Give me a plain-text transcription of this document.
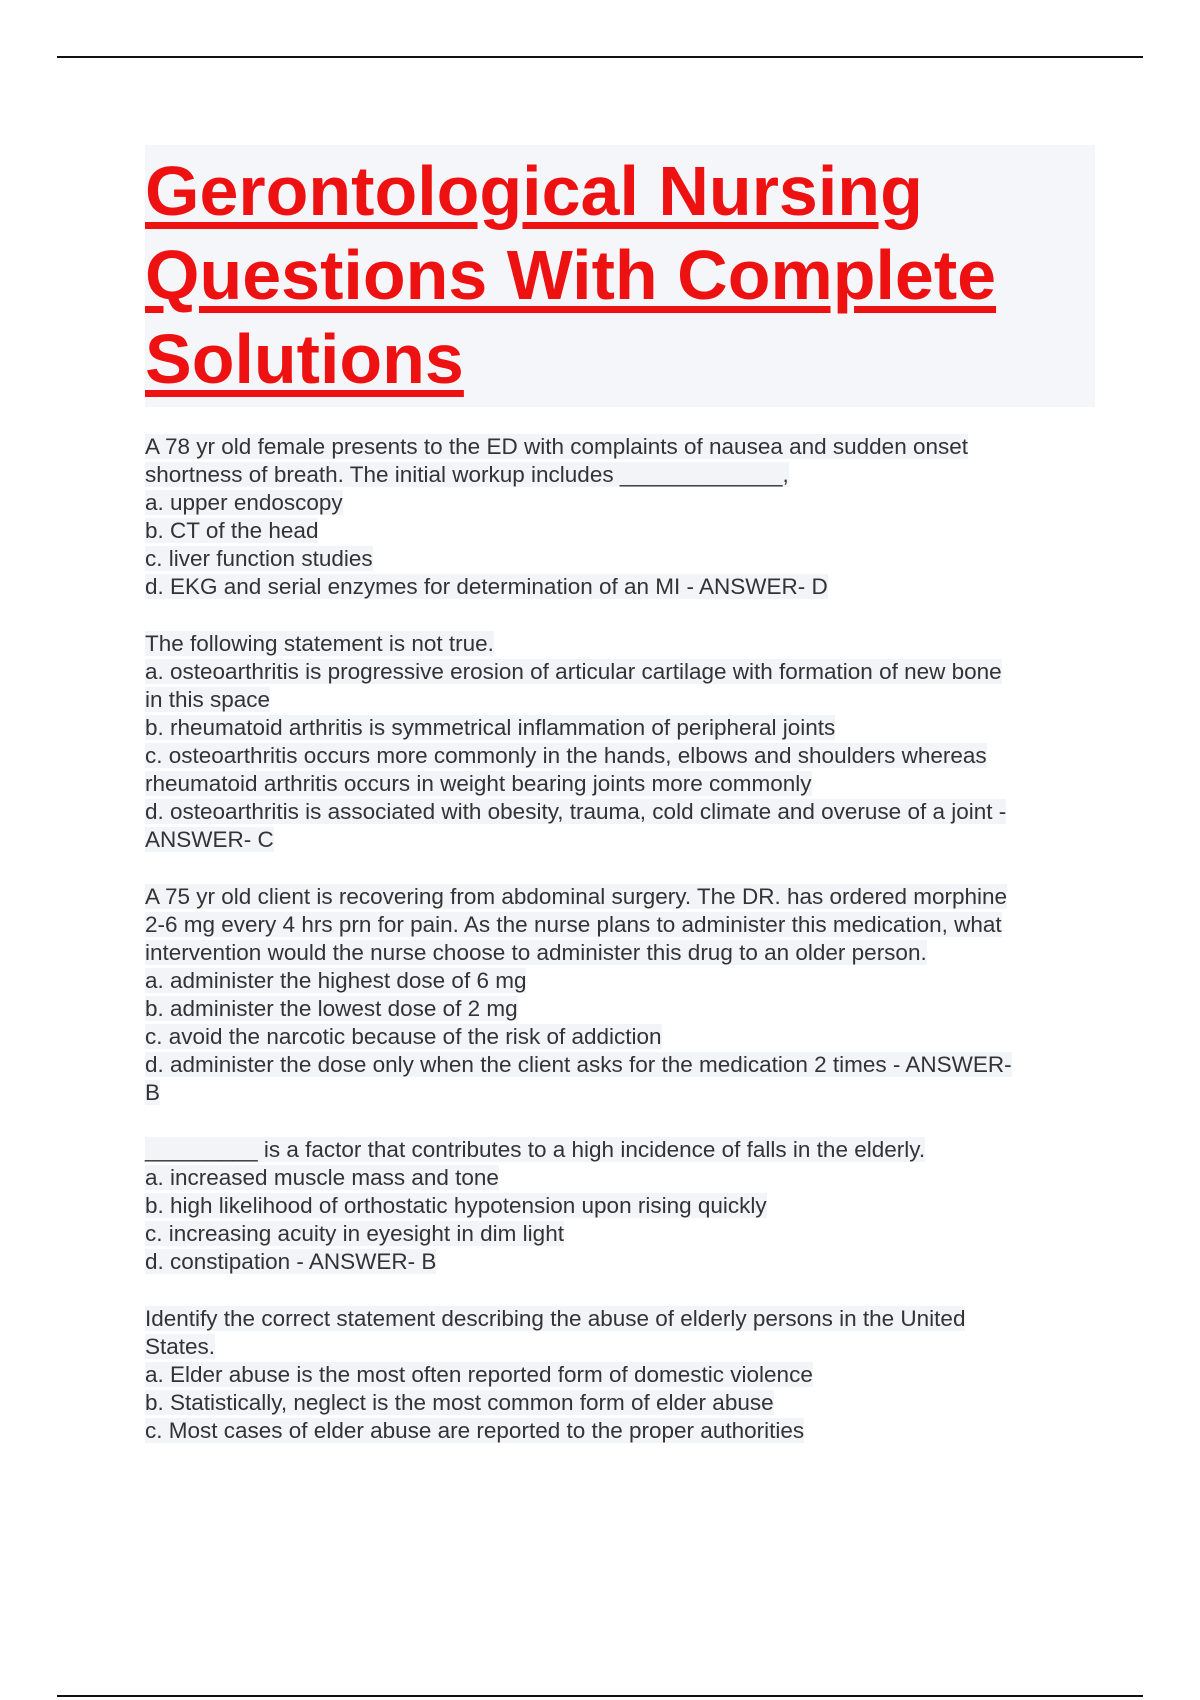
Gerontological Nursing
Questions With Complete
Solutions
A 78 yr old female presents to the ED with complaints of nausea and sudden onset
shortness of breath. The initial workup includes _____________,
a. upper endoscopy
b. CT of the head
c. liver function studies
d. EKG and serial enzymes for determination of an MI - ANSWER- D
The following statement is not true.
a. osteoarthritis is progressive erosion of articular cartilage with formation of new bone
in this space
b. rheumatoid arthritis is symmetrical inflammation of peripheral joints
c. osteoarthritis occurs more commonly in the hands, elbows and shoulders whereas
rheumatoid arthritis occurs in weight bearing joints more commonly
d. osteoarthritis is associated with obesity, trauma, cold climate and overuse of a joint -
ANSWER- C
A 75 yr old client is recovering from abdominal surgery. The DR. has ordered morphine
2-6 mg every 4 hrs prn for pain. As the nurse plans to administer this medication, what
intervention would the nurse choose to administer this drug to an older person.
a. administer the highest dose of 6 mg
b. administer the lowest dose of 2 mg
c. avoid the narcotic because of the risk of addiction
d. administer the dose only when the client asks for the medication 2 times - ANSWER-
B
_________ is a factor that contributes to a high incidence of falls in the elderly.
a. increased muscle mass and tone
b. high likelihood of orthostatic hypotension upon rising quickly
c. increasing acuity in eyesight in dim light
d. constipation - ANSWER- B
Identify the correct statement describing the abuse of elderly persons in the United
States.
a. Elder abuse is the most often reported form of domestic violence
b. Statistically, neglect is the most common form of elder abuse
c. Most cases of elder abuse are reported to the proper authorities
